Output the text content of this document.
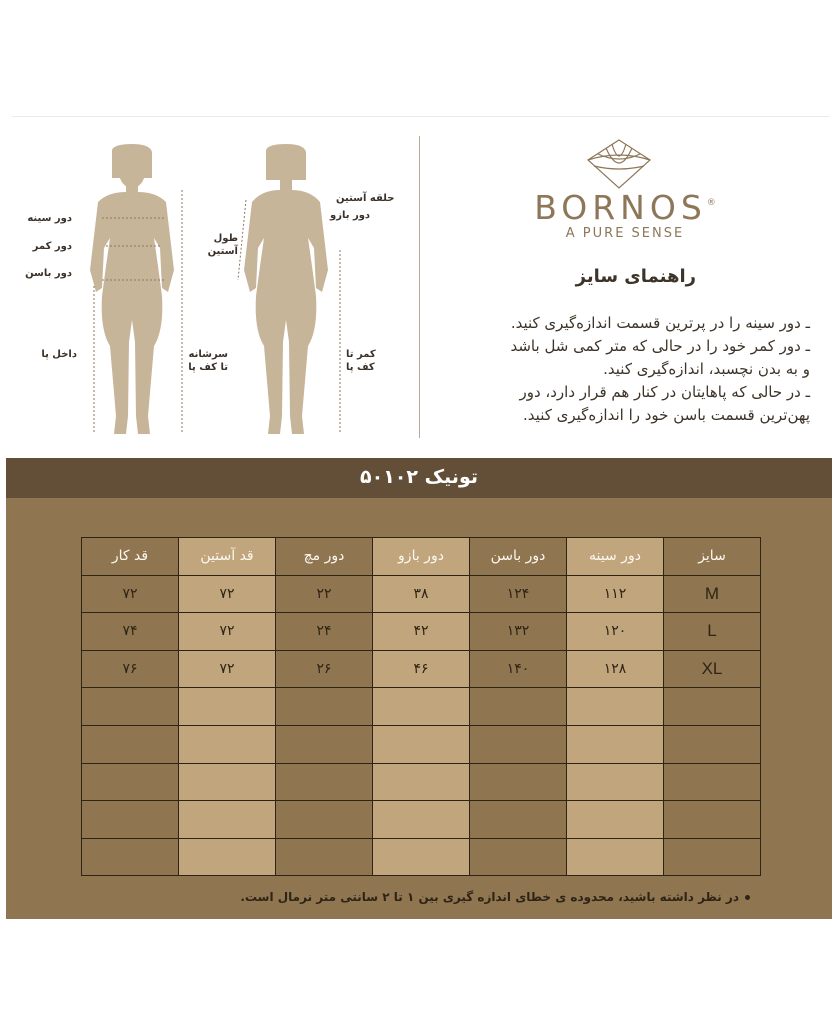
دور سینه
دور کمر
دور باسن
داخل پا	سرشانه
تا کف پا
حلقه آستین
دور بازو
طول
آستین
کمر تا
کف پا
BORNOS®
A PURE SENSE
راهنمای سایز
ـ دور سینه را در پرترین قسمت اندازه‌گیری کنید.
ـ دور کمر خود را در حالی که متر کمی شل باشد
و به بدن نچسبد، اندازه‌گیری کنید.
ـ در حالی که پاهایتان در کنار هم قرار دارد، دور
پهن‌ترین قسمت باسن خود را اندازه‌گیری کنید.
تونیک ۵۰۱۰۲
سایز	دور سینه	دور باسن	دور بازو	دور مچ	قد آستین	قد کار
M	۱۱۲	۱۲۴	۳۸	۲۲	۷۲	۷۲
L	۱۲۰	۱۳۲	۴۲	۲۴	۷۲	۷۴
XL	۱۲۸	۱۴۰	۴۶	۲۶	۷۲	۷۶

در نظر داشته باشید، محدوده ی خطای اندازه گیری بین ۱ تا ۲ سانتی متر نرمال است.
